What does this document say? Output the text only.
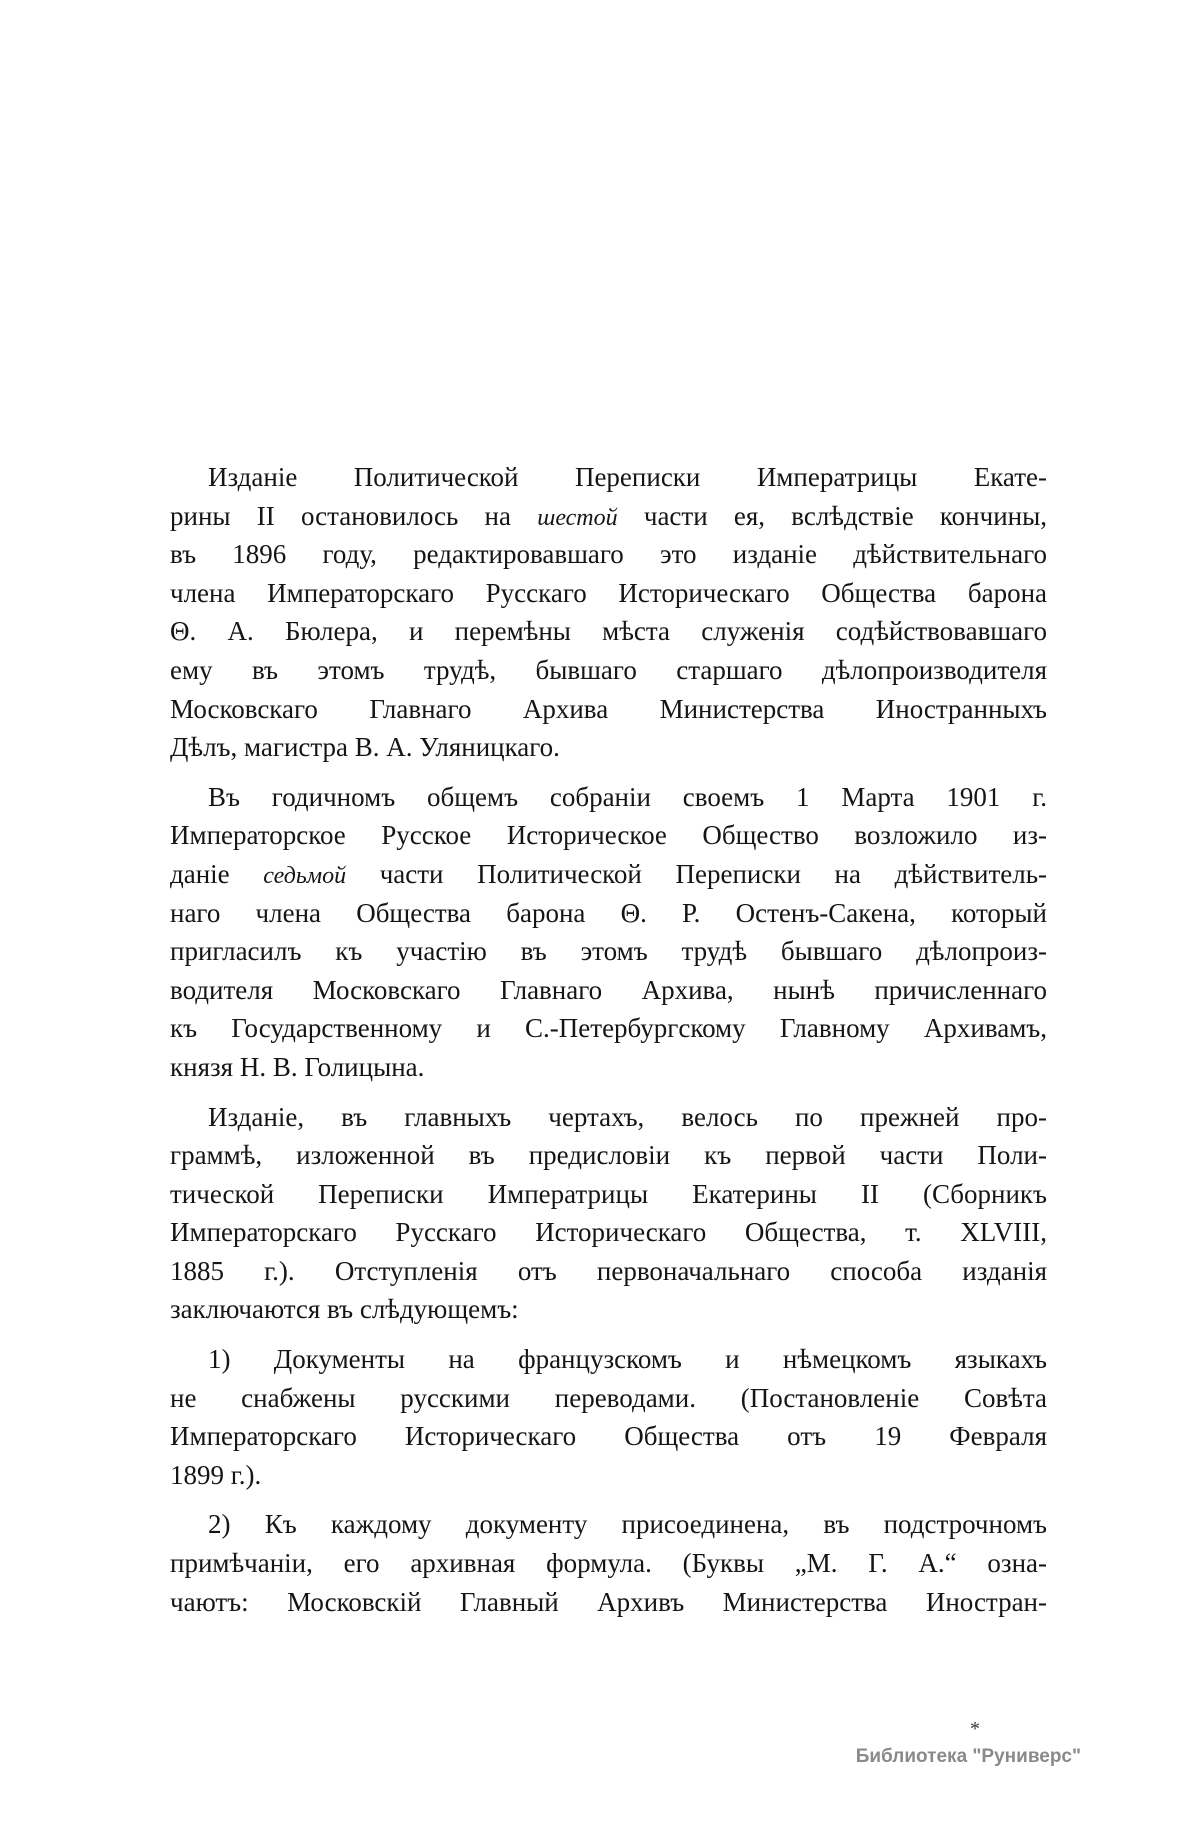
Изданіе Политической Переписки Императрицы Екате-
рины II остановилось на шестой части ея, вслѣдствіе кончины,
въ 1896 году, редактировавшаго это изданіе дѣйствительнаго
члена Императорскаго Русскаго Историческаго Общества барона
Θ. А. Бюлера, и перемѣны мѣста служенія содѣйствовавшаго
ему въ этомъ трудѣ, бывшаго старшаго дѣлопроизводителя
Московскаго Главнаго Архива Министерства Иностранныхъ
Дѣлъ, магистра В. А. Уляницкаго.
Въ годичномъ общемъ собраніи своемъ 1 Марта 1901 г.
Императорское Русское Историческое Общество возложило из-
даніе седьмой части Политической Переписки на дѣйствитель-
наго члена Общества барона Θ. Р. Остенъ-Сакена, который
пригласилъ къ участію въ этомъ трудѣ бывшаго дѣлопроиз-
водителя Московскаго Главнаго Архива, нынѣ причисленнаго
къ Государственному и С.-Петербургскому Главному Архивамъ,
князя Н. В. Голицына.
Изданіе, въ главныхъ чертахъ, велось по прежней про-
граммѣ, изложенной въ предисловіи къ первой части Поли-
тической Переписки Императрицы Екатерины II (Сборникъ
Императорскаго Русскаго Историческаго Общества, т. XLVIII,
1885 г.). Отступленія отъ первоначальнаго способа изданія
заключаются въ слѣдующемъ:
1) Документы на французскомъ и нѣмецкомъ языкахъ
не снабжены русскими переводами. (Постановленіе Совѣта
Императорскаго Историческаго Общества отъ 19 Февраля
1899 г.).
2) Къ каждому документу присоединена, въ подстрочномъ
примѣчаніи, его архивная формула. (Буквы „М. Г. А.“ озна-
чаютъ: Московскій Главный Архивъ Министерства Иностран-
*
Библиотека "Руниверс"
